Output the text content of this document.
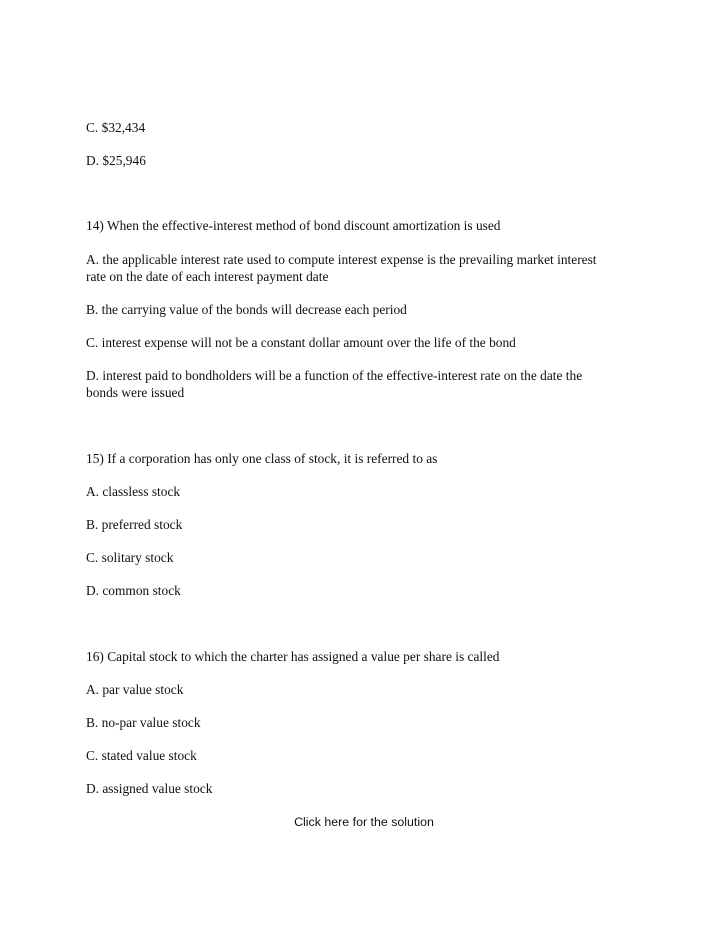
C. $32,434

D. $25,946

14) When the effective-interest method of bond discount amortization is used

A. the applicable interest rate used to compute interest expense is the prevailing market interest

rate on the date of each interest payment date

B. the carrying value of the bonds will decrease each period

C. interest expense will not be a constant dollar amount over the life of the bond

D. interest paid to bondholders will be a function of the effective-interest rate on the date the

bonds were issued

15) If a corporation has only one class of stock, it is referred to as

A. classless stock

B. preferred stock

C. solitary stock

D. common stock

16) Capital stock to which the charter has assigned a value per share is called

A. par value stock

B. no-par value stock

C. stated value stock

D. assigned value stock

Click here for the solution
